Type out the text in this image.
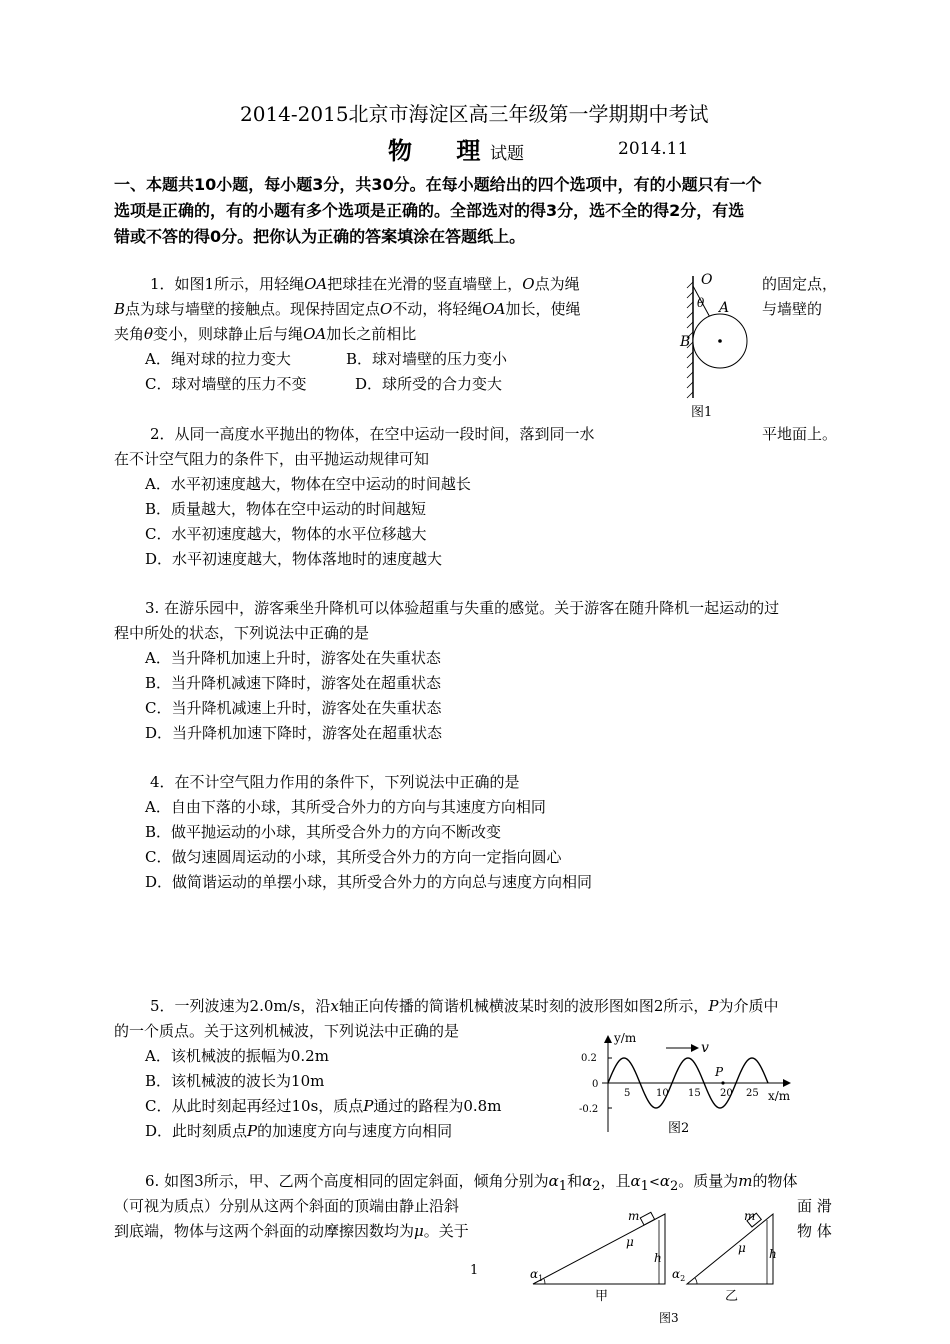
2014-2015北京市海淀区高三年级第一学期期中考试
物 理
试题	2014.11
一、本题共10小题，每小题3分，共30分。在每小题给出的四个选项中，有的小题只有一个
选项是正确的，有的小题有多个选项是正确的。全部选对的得3分，选不全的得2分，有选
错或不答的得0分。把你认为正确的答案填涂在答题纸上。
1．如图1所示，用轻绳OA把球挂在光滑的竖直墙壁上，O点为绳	的固定点，
B点为球与墙壁的接触点。现保持固定点O不动，将轻绳OA加长，使绳	与墙壁的
夹角θ变小，则球静止后与绳OA加长之前相比
A．绳对球的拉力变大	B．球对墙壁的压力变小
C．球对墙壁的压力不变	D．球所受的合力变大
O
θ A
B
图1
2．从同一高度水平抛出的物体，在空中运动一段时间，落到同一水	平地面上。
在不计空气阻力的条件下，由平抛运动规律可知
A．水平初速度越大，物体在空中运动的时间越长
B．质量越大，物体在空中运动的时间越短
C．水平初速度越大，物体的水平位移越大
D．水平初速度越大，物体落地时的速度越大
3. 在游乐园中，游客乘坐升降机可以体验超重与失重的感觉。关于游客在随升降机一起运动的过
程中所处的状态，下列说法中正确的是
A．当升降机加速上升时，游客处在失重状态
B．当升降机减速下降时，游客处在超重状态
C．当升降机减速上升时，游客处在失重状态
D．当升降机加速下降时，游客处在超重状态
4．在不计空气阻力作用的条件下，下列说法中正确的是
A．自由下落的小球，其所受合外力的方向与其速度方向相同
B．做平抛运动的小球，其所受合外力的方向不断改变
C．做匀速圆周运动的小球，其所受合外力的方向一定指向圆心
D．做简谐运动的单摆小球，其所受合外力的方向总与速度方向相同
5．一列波速为2.0m/s，沿x轴正向传播的简谐机械横波某时刻的波形图如图2所示，P为介质中
的一个质点。关于这列机械波，下列说法中正确的是
A．该机械波的振幅为0.2m
B．该机械波的波长为10m
C．从此时刻起再经过10s，质点P通过的路程为0.8m
D．此时刻质点P的加速度方向与速度方向相同
v
y/m
x/m
0.2
0
-0.2
5	10 15 20 25
P
图2
6. 如图3所示，甲、乙两个高度相同的固定斜面，倾角分别为$\alpha_1$和$\alpha_2$，且$\alpha_1<\alpha_2$。质量为m的物体
（可视为质点）分别从这两个斜面的顶端由静止沿斜	面 滑
到底端，物体与这两个斜面的动摩擦因数均为μ。关于	物 体
m
μ
h
$\alpha_1$
甲
m
μ h
$\alpha_2$
乙
图3
1
